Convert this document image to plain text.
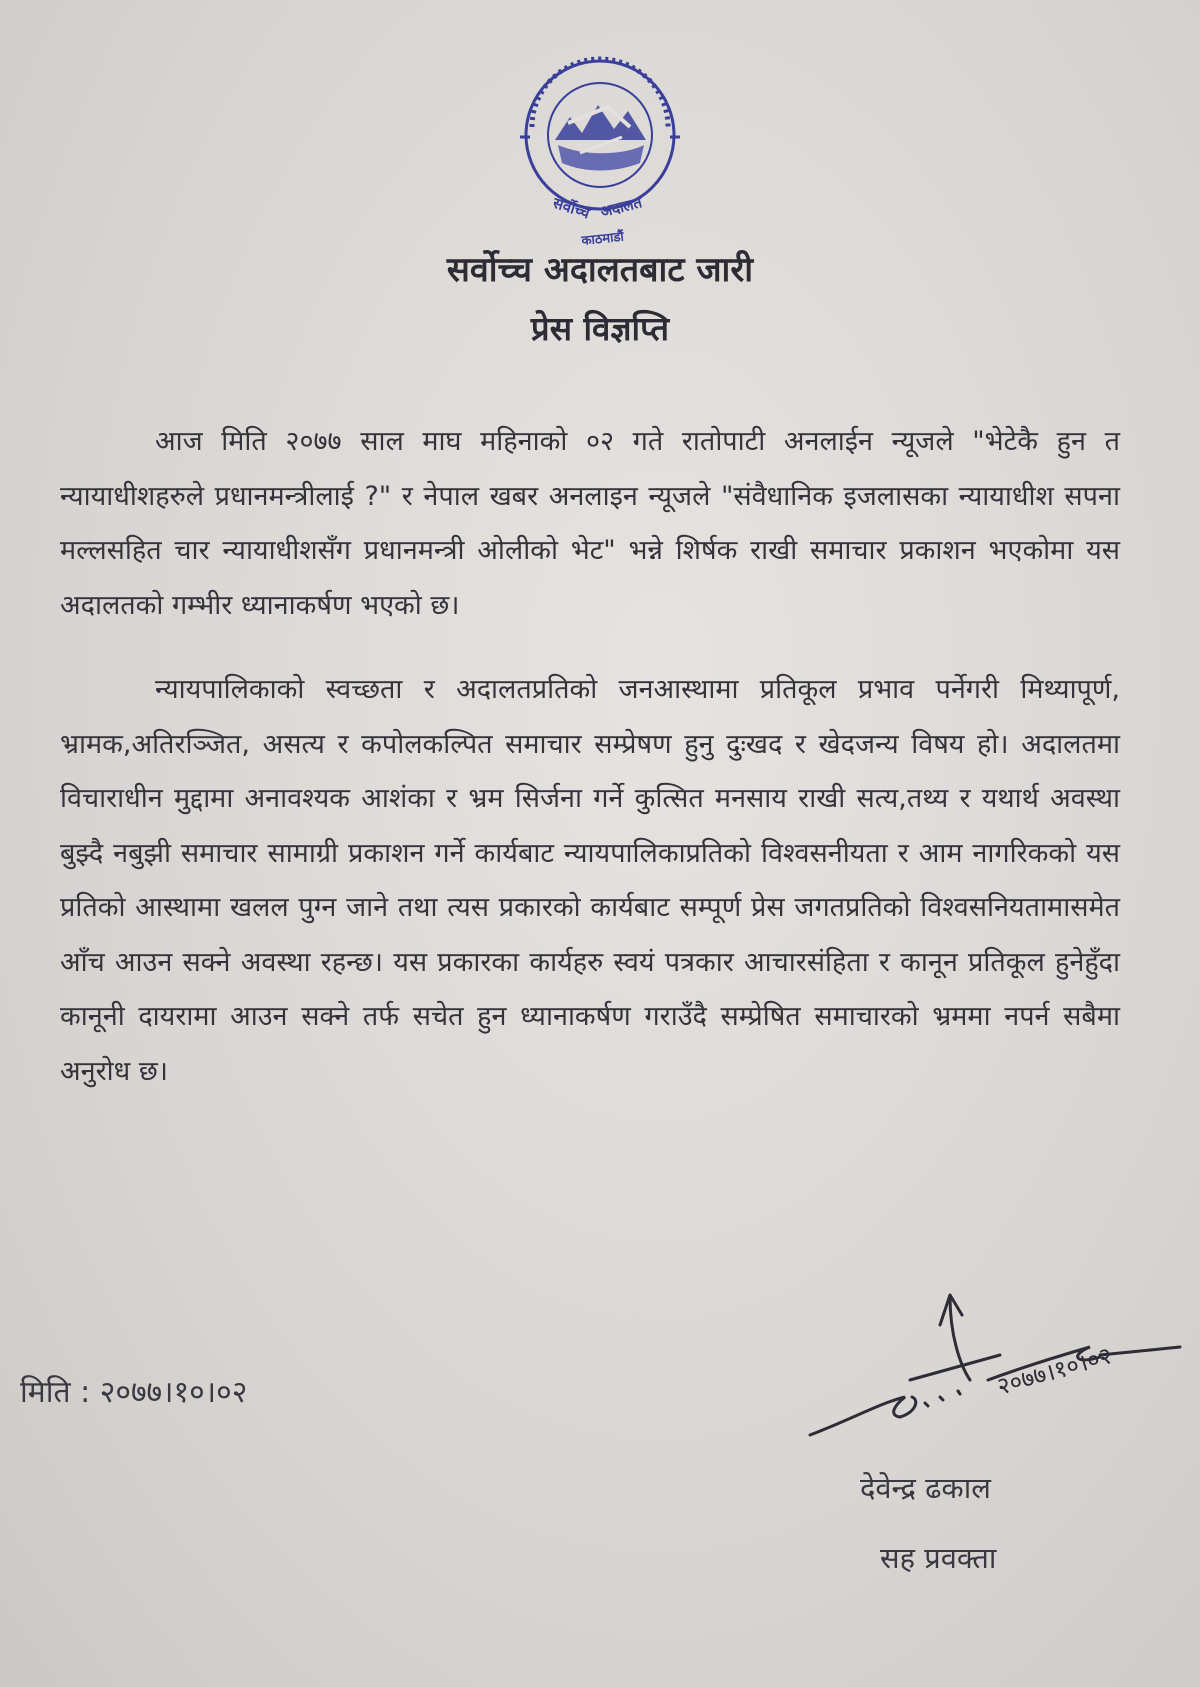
सर्वोच्च अदालत
काठमाडौं
सर्वोच्च अदालतबाट जारी
प्रेस विज्ञप्ति

आज मिति २०७७ साल माघ महिनाको ०२ गते रातोपाटी अनलाईन न्यूजले "भेटेकै हुन त न्यायाधीशहरुले प्रधानमन्त्रीलाई ?" र नेपाल खबर अनलाइन न्यूजले "संवैधानिक इजलासका न्यायाधीश सपना मल्लसहित चार न्यायाधीशसँग प्रधानमन्त्री ओलीको भेट" भन्ने शिर्षक राखी समाचार प्रकाशन भएकोमा यस अदालतको गम्भीर ध्यानाकर्षण भएको छ।

न्यायपालिकाको स्वच्छता र अदालतप्रतिको जनआस्थामा प्रतिकूल प्रभाव पर्नेगरी मिथ्यापूर्ण, भ्रामक,अतिरञ्जित, असत्य र कपोलकल्पित समाचार सम्प्रेषण हुनु दुःखद र खेदजन्य विषय हो। अदालतमा विचाराधीन मुद्दामा अनावश्यक आशंका र भ्रम सिर्जना गर्ने कुत्सित मनसाय राखी सत्य,तथ्य र यथार्थ अवस्था बुझ्दै नबुझी समाचार सामाग्री प्रकाशन गर्ने कार्यबाट न्यायपालिकाप्रतिको विश्वसनीयता र आम नागरिकको यस प्रतिको आस्थामा खलल पुग्न जाने तथा त्यस प्रकारको कार्यबाट सम्पूर्ण प्रेस जगतप्रतिको विश्वसनियतामासमेत आँच आउन सक्ने अवस्था रहन्छ। यस प्रकारका कार्यहरु स्वयं पत्रकार आचारसंहिता र कानून प्रतिकूल हुनेहुँदा कानूनी दायरामा आउन सक्ने तर्फ सचेत हुन ध्यानाकर्षण गराउँदै सम्प्रेषित समाचारको भ्रममा नपर्न सबैमा अनुरोध छ।

मिति : २०७७।१०।०२	२०७७।१०।०२
देवेन्द्र ढकाल
सह प्रवक्ता
